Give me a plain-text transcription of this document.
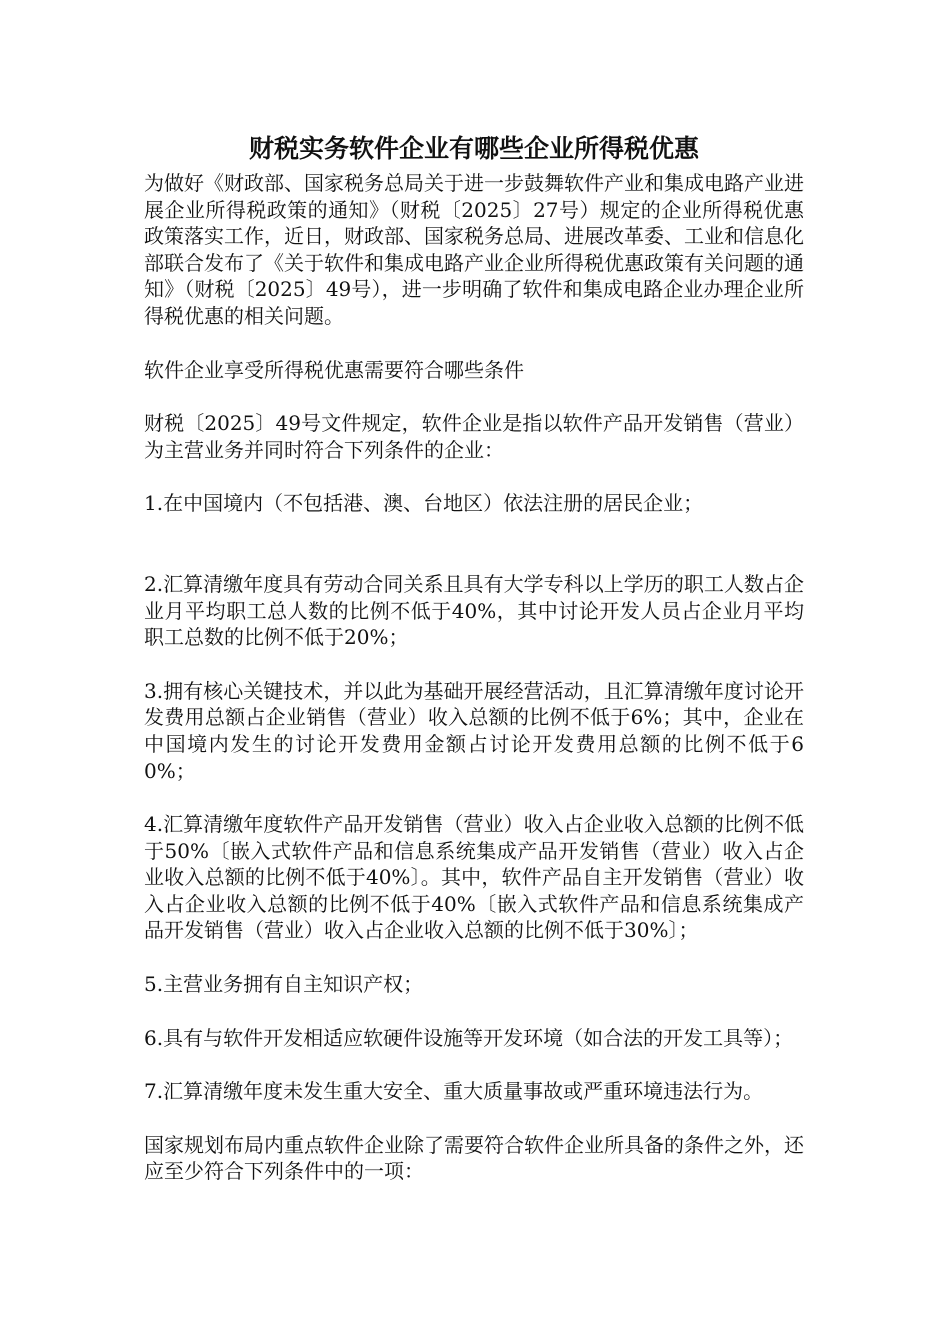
财税实务软件企业有哪些企业所得税优惠
为做好《财政部、国家税务总局关于进一步鼓舞软件产业和集成电路产业进展企业所得税政策的通知》（财税〔2025〕27号）规定的企业所得税优惠政策落实工作，近日，财政部、国家税务总局、进展改革委、工业和信息化部联合发布了《关于软件和集成电路产业企业所得税优惠政策有关问题的通知》（财税〔2025〕49号），进一步明确了软件和集成电路企业办理企业所得税优惠的相关问题。
软件企业享受所得税优惠需要符合哪些条件
财税〔2025〕49号文件规定，软件企业是指以软件产品开发销售（营业）为主营业务并同时符合下列条件的企业：
1.在中国境内（不包括港、澳、台地区）依法注册的居民企业；
2.汇算清缴年度具有劳动合同关系且具有大学专科以上学历的职工人数占企业月平均职工总人数的比例不低于40%，其中讨论开发人员占企业月平均职工总数的比例不低于20%；
3.拥有核心关键技术，并以此为基础开展经营活动，且汇算清缴年度讨论开发费用总额占企业销售（营业）收入总额的比例不低于6%；其中，企业在中国境内发生的讨论开发费用金额占讨论开发费用总额的比例不低于60%；
4.汇算清缴年度软件产品开发销售（营业）收入占企业收入总额的比例不低于50%〔嵌入式软件产品和信息系统集成产品开发销售（营业）收入占企业收入总额的比例不低于40%〕。其中，软件产品自主开发销售（营业）收入占企业收入总额的比例不低于40%〔嵌入式软件产品和信息系统集成产品开发销售（营业）收入占企业收入总额的比例不低于30%〕；
5.主营业务拥有自主知识产权；
6.具有与软件开发相适应软硬件设施等开发环境（如合法的开发工具等）；
7.汇算清缴年度未发生重大安全、重大质量事故或严重环境违法行为。
国家规划布局内重点软件企业除了需要符合软件企业所具备的条件之外，还应至少符合下列条件中的一项：
